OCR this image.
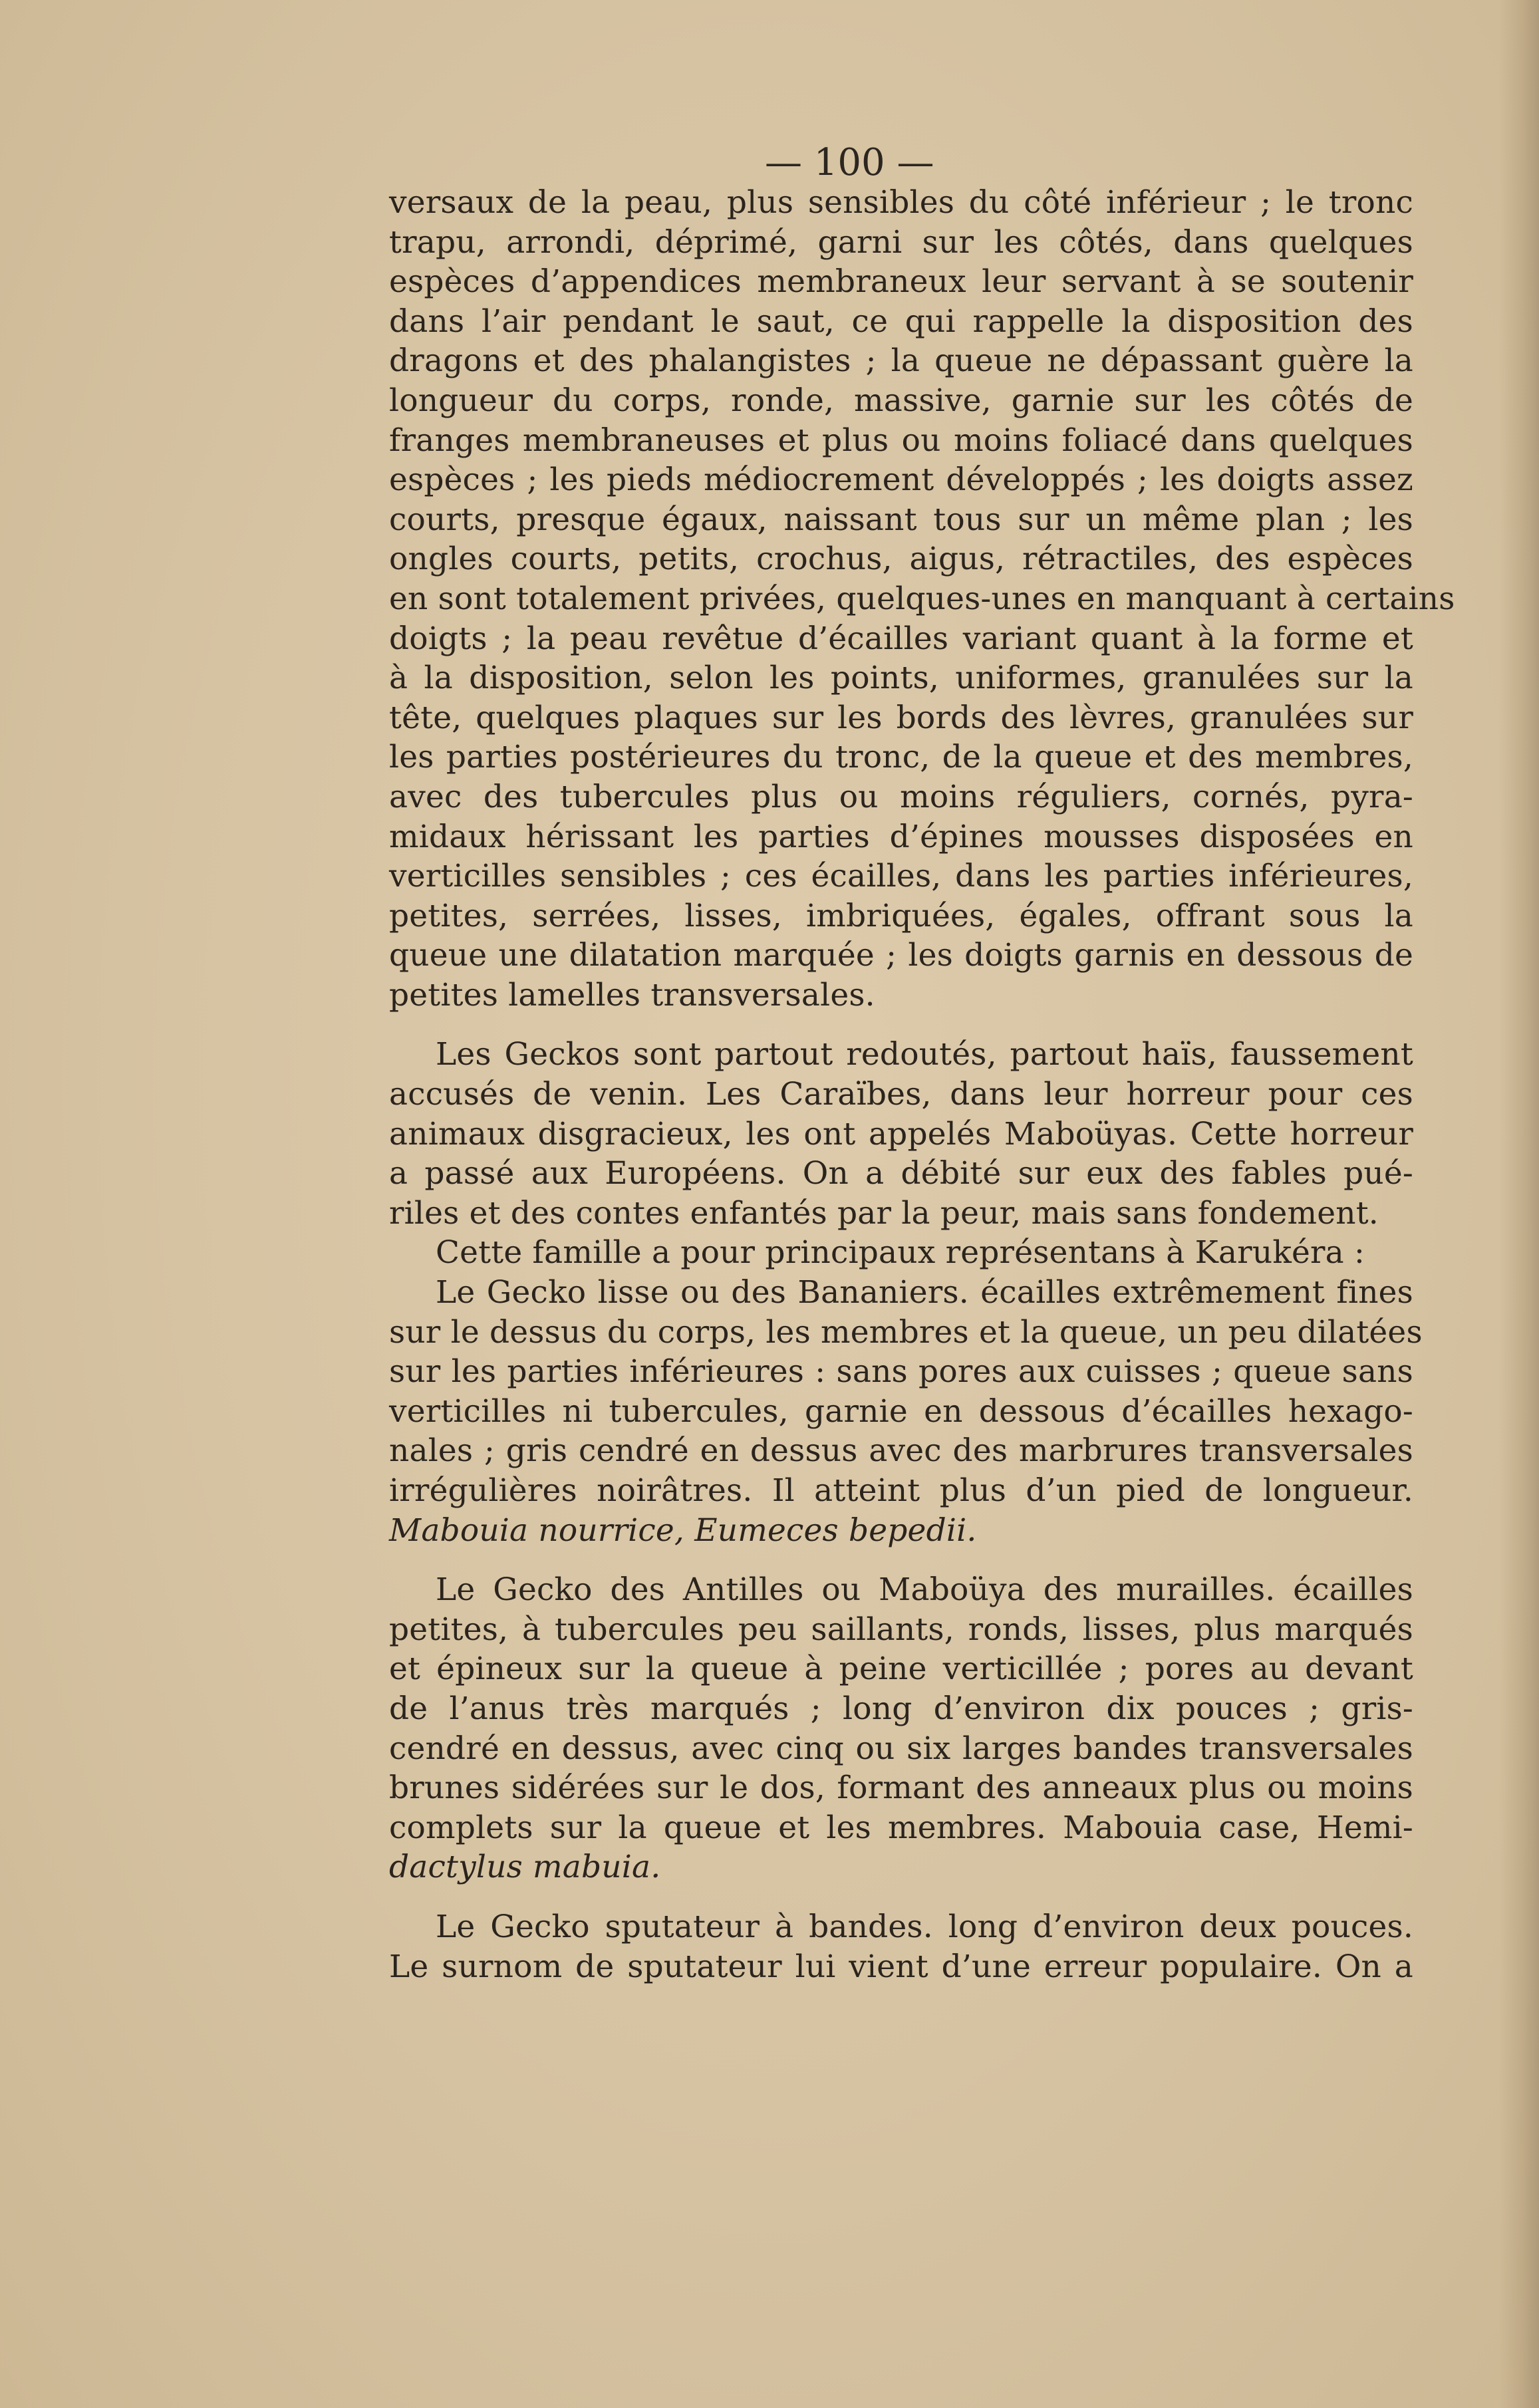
— 100 —
versaux de la peau, plus sensibles du côté inférieur ; le tronc
trapu, arrondi, déprimé, garni sur les côtés, dans quelques
espèces d’appendices membraneux leur servant à se soutenir
dans l’air pendant le saut, ce qui rappelle la disposition des
dragons et des phalangistes ; la queue ne dépassant guère la
longueur du corps, ronde, massive, garnie sur les côtés de
franges membraneuses et plus ou moins foliacé dans quelques
espèces ; les pieds médiocrement développés ; les doigts assez
courts, presque égaux, naissant tous sur un même plan ; les
ongles courts, petits, crochus, aigus, rétractiles, des espèces
en sont totalement privées, quelques-unes en manquant à certains
doigts ; la peau revêtue d’écailles variant quant à la forme et
à la disposition, selon les points, uniformes, granulées sur la
tête, quelques plaques sur les bords des lèvres, granulées sur
les parties postérieures du tronc, de la queue et des membres,
avec des tubercules plus ou moins réguliers, cornés, pyra-
midaux hérissant les parties d’épines mousses disposées en
verticilles sensibles ; ces écailles, dans les parties inférieures,
petites, serrées, lisses, imbriquées, égales, offrant sous la
queue une dilatation marquée ; les doigts garnis en dessous de
petites lamelles transversales.
Les Geckos sont partout redoutés, partout haïs, faussement
accusés de venin. Les Caraïbes, dans leur horreur pour ces
animaux disgracieux, les ont appelés Maboüyas. Cette horreur
a passé aux Européens. On a débité sur eux des fables pué-
riles et des contes enfantés par la peur, mais sans fondement.
Cette famille a pour principaux représentans à Karukéra :
Le Gecko lisse ou des Bananiers. écailles extrêmement fines
sur le dessus du corps, les membres et la queue, un peu dilatées
sur les parties inférieures : sans pores aux cuisses ; queue sans
verticilles ni tubercules, garnie en dessous d’écailles hexago-
nales ; gris cendré en dessus avec des marbrures transversales
irrégulières noirâtres. Il atteint plus d’un pied de longueur.
Mabouia nourrice, Eumeces bepedii.
Le Gecko des Antilles ou Maboüya des murailles. écailles
petites, à tubercules peu saillants, ronds, lisses, plus marqués
et épineux sur la queue à peine verticillée ; pores au devant
de l’anus très marqués ; long d’environ dix pouces ; gris-
cendré en dessus, avec cinq ou six larges bandes transversales
brunes sidérées sur le dos, formant des anneaux plus ou moins
complets sur la queue et les membres. Mabouia case, Hemi-
dactylus mabuia.
Le Gecko sputateur à bandes. long d’environ deux pouces.
Le surnom de sputateur lui vient d’une erreur populaire. On a
